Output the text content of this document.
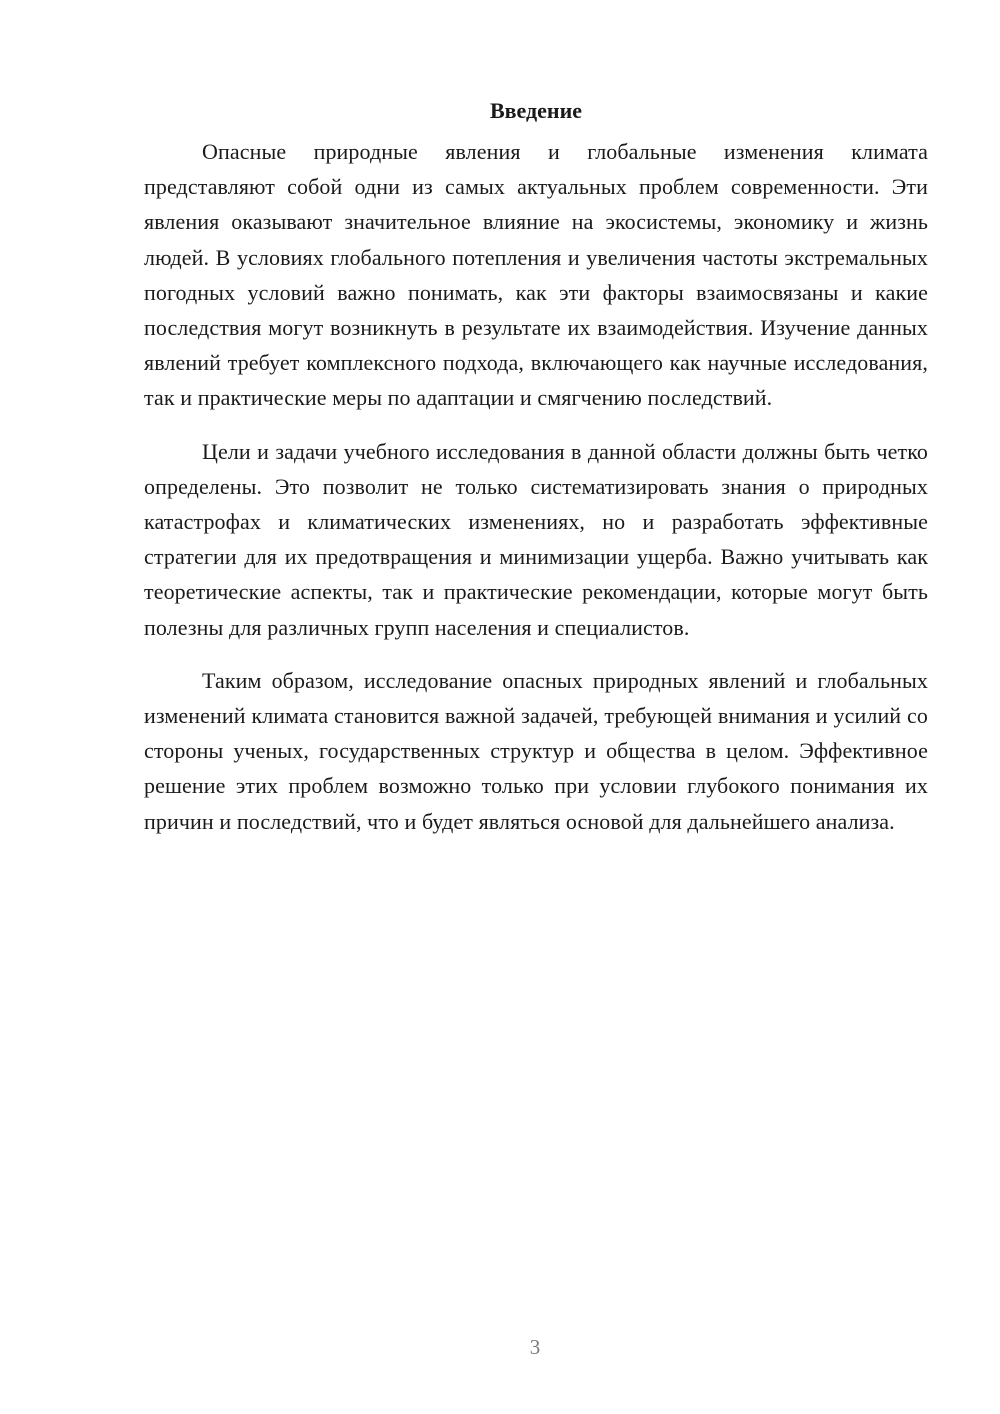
Введение

Опасные природные явления и глобальные изменения климата представляют собой одни из самых актуальных проблем современности. Эти явления оказывают значительное влияние на экосистемы, экономику и жизнь людей. В условиях глобального потепления и увеличения частоты экстремальных погодных условий важно понимать, как эти факторы взаимосвязаны и какие последствия могут возникнуть в результате их взаимодействия. Изучение данных явлений требует комплексного подхода, включающего как научные исследования, так и практические меры по адаптации и смягчению последствий.

Цели и задачи учебного исследования в данной области должны быть четко определены. Это позволит не только систематизировать знания о природных катастрофах и климатических изменениях, но и разработать эффективные стратегии для их предотвращения и минимизации ущерба. Важно учитывать как теоретические аспекты, так и практические рекомендации, которые могут быть полезны для различных групп населения и специалистов.

Таким образом, исследование опасных природных явлений и глобальных изменений климата становится важной задачей, требующей внимания и усилий со стороны ученых, государственных структур и общества в целом. Эффективное решение этих проблем возможно только при условии глубокого понимания их причин и последствий, что и будет являться основой для дальнейшего анализа.

3
